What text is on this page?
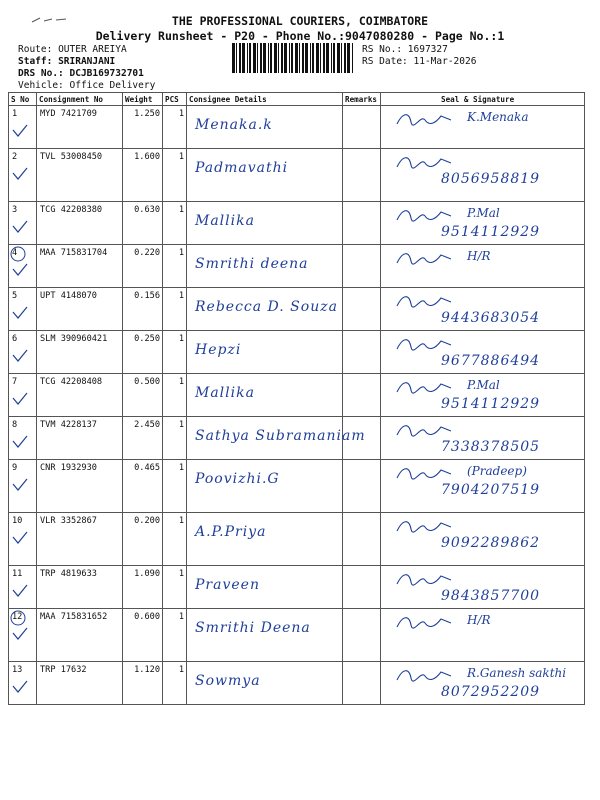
THE PROFESSIONAL COURIERS, COIMBATORE
Delivery Runsheet - P20 - Phone No.:9047080280 - Page No.:1
Route: OUTER AREIYA
Staff: SRIRANJANI
DRS No.: DCJB169732701
Vehicle: Office Delivery
RS No.: 1697327
RS Date: 11-Mar-2026
S No	Consignment No	Weight	PCS	Consignee Details	Remarks	Seal & Signature
1	MYD 7421709	1.250	1	Menaka.k		K.Menaka

2	TVL 53008450	1.600	1	Padmavathi		8056958819

3	TCG 42208380	0.630	1	Mallika		P.Mal
9514112929

4	MAA 715831704	0.220	1	Smrithi deena		H/R

5	UPT 4148070	0.156	1	Rebecca D. Souza		9443683054

6	SLM 390960421	0.250	1	Hepzi		9677886494

7	TCG 42208408	0.500	1	Mallika		P.Mal
9514112929

8	TVM 4228137	2.450	1	Sathya Subramaniam		7338378505

9	CNR 1932930	0.465	1	Poovizhi.G		(Pradeep)
7904207519

10	VLR 3352867	0.200	1	A.P.Priya		9092289862

11	TRP 4819633	1.090	1	Praveen		9843857700

12	MAA 715831652	0.600	1	Smrithi Deena		H/R

13	TRP 17632	1.120	1	Sowmya		R.Ganesh sakthi
8072952209
